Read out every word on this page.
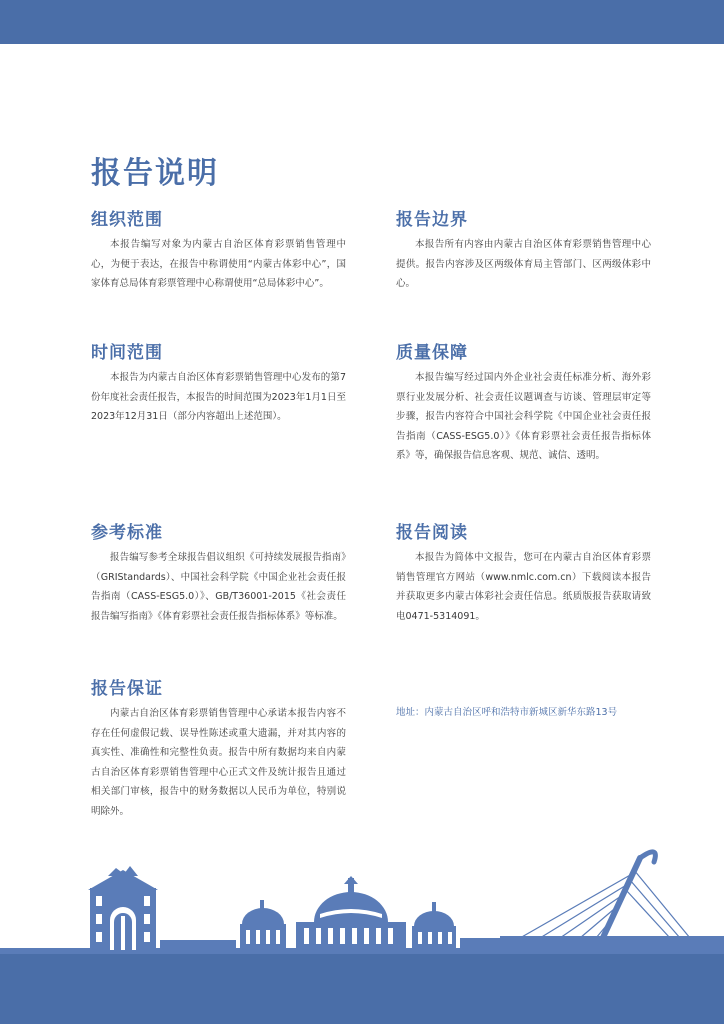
报告说明
组织范围

本报告编写对象为内蒙古自治区体育彩票销售管理中心，为便于表达，在报告中称谓使用“内蒙古体彩中心”，国家体育总局体育彩票管理中心称谓使用“总局体彩中心”。

报告边界

本报告所有内容由内蒙古自治区体育彩票销售管理中心提供。报告内容涉及区两级体育局主管部门、区两级体彩中心。

时间范围

本报告为内蒙古自治区体育彩票销售管理中心发布的第7份年度社会责任报告，本报告的时间范围为2023年1月1日至2023年12月31日（部分内容超出上述范围）。

质量保障

本报告编写经过国内外企业社会责任标准分析、海外彩票行业发展分析、社会责任议题调查与访谈、管理层审定等步骤，报告内容符合中国社会科学院《中国企业社会责任报告指南（CASS-ESG5.0）》《体育彩票社会责任报告指标体系》等，确保报告信息客观、规范、诚信、透明。

参考标准

报告编写参考全球报告倡议组织《可持续发展报告指南》（GRIStandards）、中国社会科学院《中国企业社会责任报告指南（CASS-ESG5.0）》、GB/T36001-2015《社会责任报告编写指南》《体育彩票社会责任报告指标体系》等标准。

报告阅读

本报告为简体中文报告，您可在内蒙古自治区体育彩票销售管理官方网站（www.nmlc.com.cn）下载阅读本报告并获取更多内蒙古体彩社会责任信息。纸质版报告获取请致电0471-5314091。

报告保证

内蒙古自治区体育彩票销售管理中心承诺本报告内容不存在任何虚假记载、误导性陈述或重大遗漏，并对其内容的真实性、准确性和完整性负责。报告中所有数据均来自内蒙古自治区体育彩票销售管理中心正式文件及统计报告且通过相关部门审核，报告中的财务数据以人民币为单位，特别说明除外。

地址：内蒙古自治区呼和浩特市新城区新华东路13号
